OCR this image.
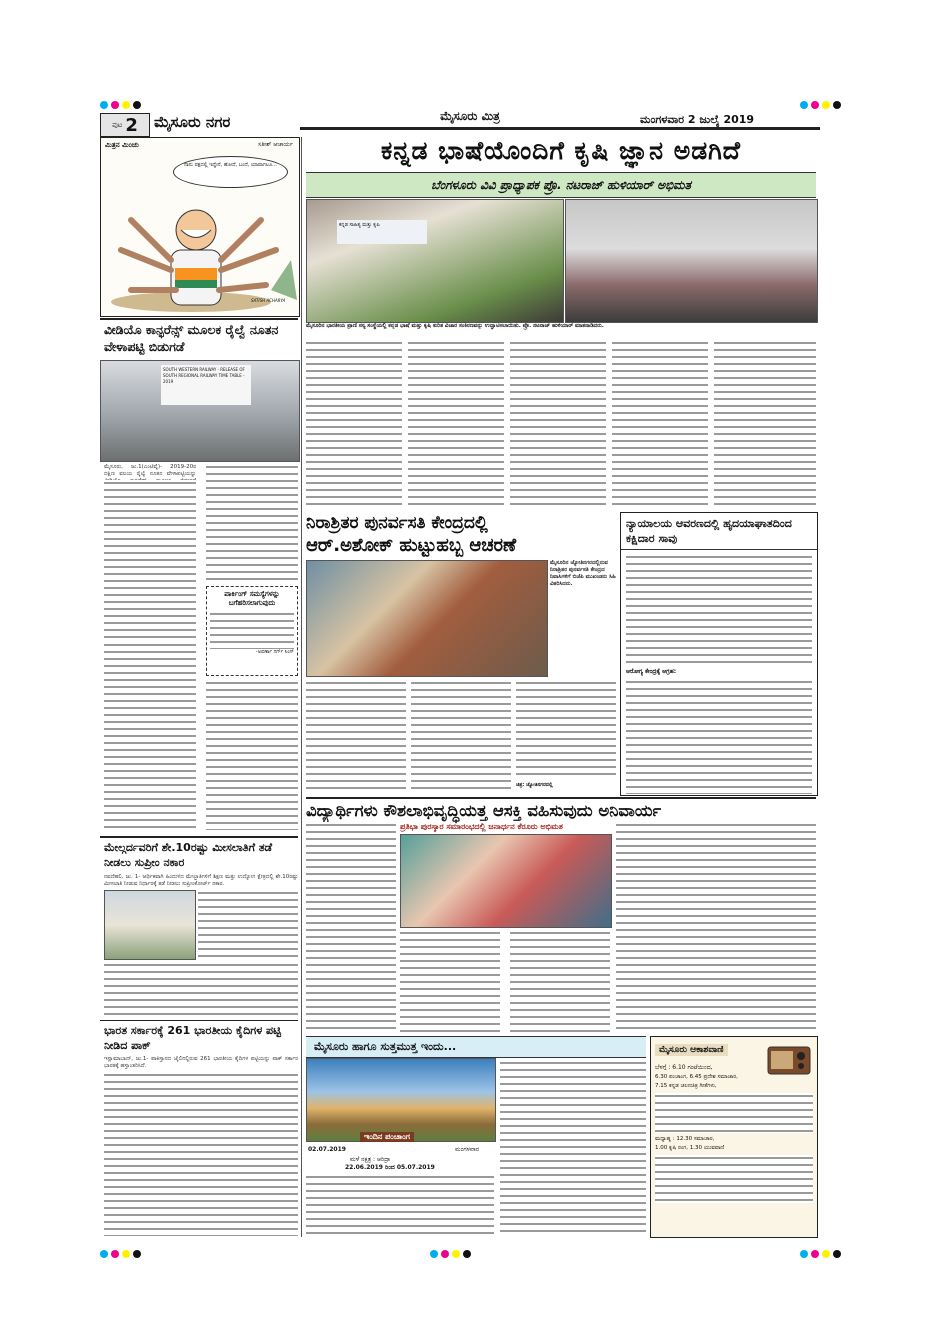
ಪುಟ 2 ಮೈಸೂರು ನಗರ	ಮೈಸೂರು ಮಿತ್ರ	ಮಂಗಳವಾರ 2 ಜುಲೈ 2019
ಮಿತ್ರನ ಮಿಂಚು	ಸತೀಶ್ ಆಚಾರ್ಯ
ನಾನು ಪಕ್ಷದಲ್ಲಿ ಇದ್ದೇನೆ, ಹೋದೆ, ಬಂದೆ, ಯಾವಾಗಲೂ...
SATISH ACHARYA
ವೀಡಿಯೊ ಕಾನ್ಫರೆನ್ಸ್ ಮೂಲಕ ರೈಲ್ವೆ ನೂತನ ವೇಳಾಪಟ್ಟಿ ಬಿಡುಗಡೆ
SOUTH WESTERN RAILWAY · RELEASE OF SOUTH REGIONAL RAILWAY TIME TABLE - 2019
ಮೈಸೂರು, ಜು.1(ಎಂಟಿವೈ)- 2019-20ರ ದಕ್ಷಿಣ ವಲಯ ರೈಲ್ವೆ ನೂತನ ವೇಳಾಪಟ್ಟಿಯನ್ನು
ಪಾರ್ಕಿಂಗ್ ಸಮಸ್ಯೆಗಳನ್ನು ಬಗೆಹರಿಸಲಾಗುವುದು
-ಅಪರ್ಣಾ ಗರ್ಗ್ ಸಿಂಗ್
ಮೇಲ್ಗರ್ದವರಿಗೆ ಶೇ.10ರಷ್ಟು ಮೀಸಲಾತಿಗೆ ತಡೆ ನೀಡಲು ಸುಪ್ರೀಂ ನಕಾರ
ನವದೆಹಲಿ, ಜು. 1- ಆರ್ಥಿಕವಾಗಿ ಹಿಂದುಳಿದ ಮೇಲ್ಜಾತಿಗಳಿಗೆ ಶಿಕ್ಷಣ ಮತ್ತು ಉದ್ಯೋಗ ಕ್ಷೇತ್ರದಲ್ಲಿ ಶೇ.10ರಷ್ಟು ಮೀಸಲಾತಿ ನೀಡುವ ನಿರ್ಧಾರಕ್ಕೆ ತಡೆ ನೀಡಲು ಸುಪ್ರೀಂಕೋರ್ಟ್ ನಕಾರ.
ಭಾರತ ಸರ್ಕಾರಕ್ಕೆ 261 ಭಾರತೀಯ ಕೈದಿಗಳ ಪಟ್ಟಿ ನೀಡಿದ ಪಾಕ್
ಇಸ್ಲಾಮಾಬಾದ್, ಜು.1- ಪಾಕಿಸ್ತಾನದ ಜೈಲಿನಲ್ಲಿರುವ 261 ಭಾರತೀಯ ಕೈದಿಗಳ ಪಟ್ಟಿಯನ್ನು ಪಾಕ್ ಸರ್ಕಾರ ಭಾರತಕ್ಕೆ ಹಸ್ತಾಂತರಿಸಿದೆ.
ಕನ್ನಡ ಭಾಷೆಯೊಂದಿಗೆ ಕೃಷಿ ಜ್ಞಾನ ಅಡಗಿದೆ
ಬೆಂಗಳೂರು ವಿವಿ ಪ್ರಾಧ್ಯಾಪಕ ಪ್ರೊ. ನಟರಾಜ್ ಹುಳಿಯಾರ್ ಅಭಿಮತ
ಕನ್ನಡ ಸಾಹಿತ್ಯ ಮತ್ತು ಕೃಷಿ
ಮೈಸೂರಿನ ಭಾರತೀಯ ಪ್ರಾಣಿ ಸಸ್ಯ ಸಂಸ್ಥೆಯಲ್ಲಿ ಕನ್ನಡ ಭಾಷೆ ಮತ್ತು ಕೃಷಿ ಕುರಿತ ವಿಚಾರ ಸಂಕಿರಣವನ್ನು ಉದ್ಘಾಟಿಸಲಾಯಿತು. ಪ್ರೊ. ನಟರಾಜ್ ಹುಳಿಯಾರ್ ಮಾತನಾಡಿದರು.
ನಿರಾಶ್ರಿತರ ಪುನರ್ವಸತಿ ಕೇಂದ್ರದಲ್ಲಿ
ಆರ್.ಅಶೋಕ್ ಹುಟ್ಟುಹಬ್ಬ ಆಚರಣೆ
ಮೈಸೂರಿನ ಜ್ಯೋತಿನಗರದಲ್ಲಿರುವ ನಿರಾಶ್ರಿತರ ಪುನರ್ವಸತಿ ಕೇಂದ್ರದ ನಿವಾಸಿಗಳಿಗೆ ಬಿಜೆಪಿ ಮುಖಂಡರು ಸಿಹಿ ವಿತರಿಸಿದರು.
ಚಿತ್ರ: ಜ್ಯೋತಿನಗರದಲ್ಲಿ
ನ್ಯಾಯಾಲಯ ಆವರಣದಲ್ಲಿ ಹೃದಯಾಘಾತದಿಂದ ಕಕ್ಷಿದಾರ ಸಾವು
ಆರೋಗ್ಯ ಕೇಂದ್ರಕ್ಕೆ ಆಗ್ರಹ:
ವಿದ್ಯಾರ್ಥಿಗಳು ಕೌಶಲಾಭಿವೃದ್ಧಿಯತ್ತ ಆಸಕ್ತಿ ವಹಿಸುವುದು ಅನಿವಾರ್ಯ
ಪ್ರತಿಭಾ ಪುರಸ್ಕಾರ ಸಮಾರಂಭದಲ್ಲಿ ಜನಾರ್ಧನ ಕೆರೂರು ಅಭಿಮತ
ಮೈಸೂರು ಹಾಗೂ ಸುತ್ತಮುತ್ತ ಇಂದು...
ಇಂದಿನ ಪಂಚಾಂಗ
02.07.2019	ಮಂಗಳವಾರ
ಮಳೆ ನಕ್ಷತ್ರ : ಆರಿದ್ರಾ
22.06.2019 ರಿಂದ 05.07.2019
ಮೈಸೂರು ಆಕಾಶವಾಣಿ
ಬೆಳಗ್ಗೆ : 6.10 ಗಂಟೆಯಿಂದ,
6.30 ಪಂಚಾಂಗ, 6.45 ಪ್ರದೇಶ ಸಮಾಚಾರ,
7.15 ಕನ್ನಡ ಚಲನಚಿತ್ರ ಗೀತೆಗಳು,
ಮಧ್ಯಾಹ್ನ : 12.30 ಸಮಾಚಾರ,
1.00 ಕೃಷಿ ರಂಗ, 1.30 ಯುವವಾಣಿ
